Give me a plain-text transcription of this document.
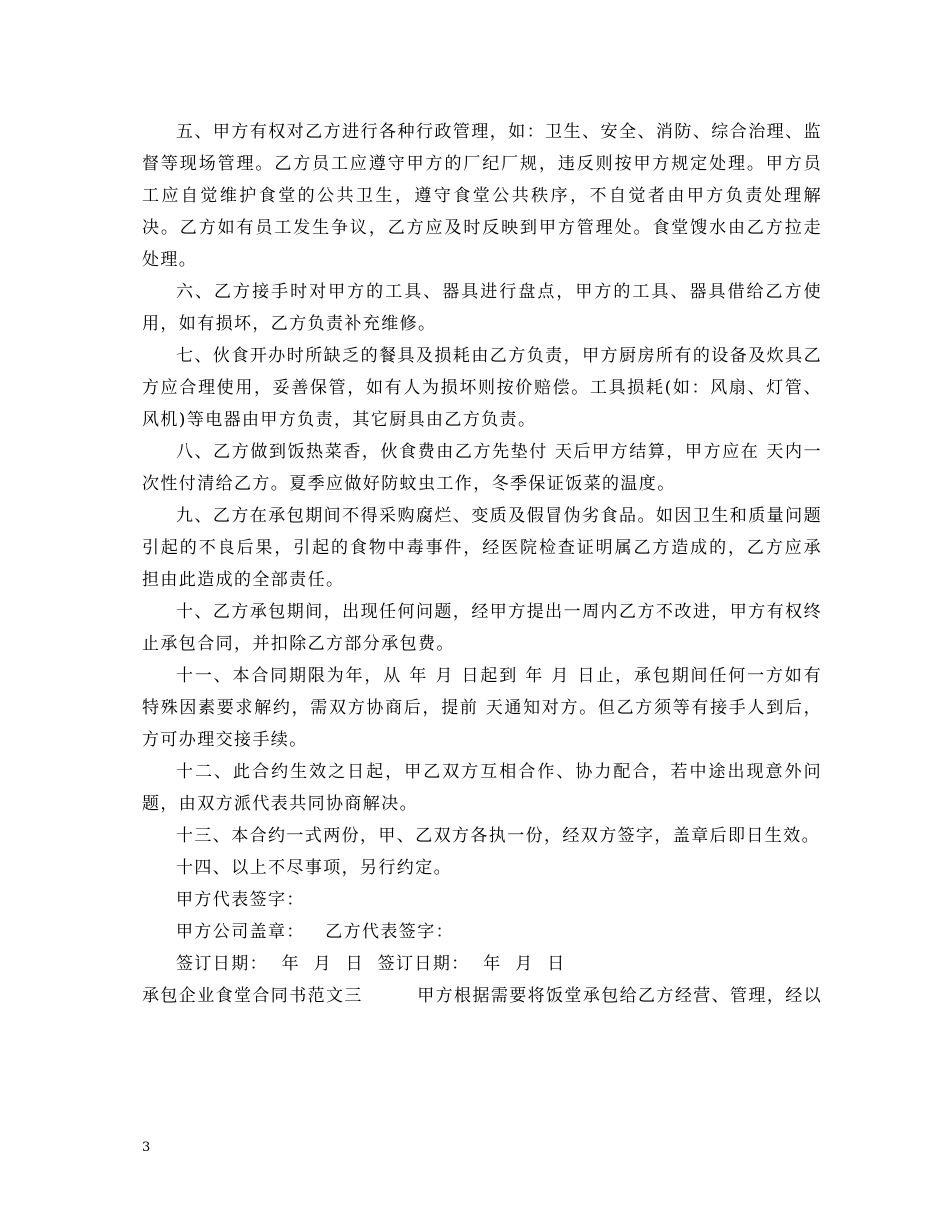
五、甲方有权对乙方进行各种行政管理，如：卫生、安全、消防、综合治理、监督等现场管理。乙方员工应遵守甲方的厂纪厂规，违反则按甲方规定处理。甲方员工应自觉维护食堂的公共卫生，遵守食堂公共秩序，不自觉者由甲方负责处理解决。乙方如有员工发生争议，乙方应及时反映到甲方管理处。食堂馊水由乙方拉走处理。

六、乙方接手时对甲方的工具、器具进行盘点，甲方的工具、器具借给乙方使用，如有损坏，乙方负责补充维修。

七、伙食开办时所缺乏的餐具及损耗由乙方负责，甲方厨房所有的设备及炊具乙方应合理使用，妥善保管，如有人为损坏则按价赔偿。工具损耗(如：风扇、灯管、风机)等电器由甲方负责，其它厨具由乙方负责。

八、乙方做到饭热菜香，伙食费由乙方先垫付 天后甲方结算，甲方应在 天内一次性付清给乙方。夏季应做好防蚊虫工作，冬季保证饭菜的温度。

九、乙方在承包期间不得采购腐烂、变质及假冒伪劣食品。如因卫生和质量问题引起的不良后果，引起的食物中毒事件，经医院检查证明属乙方造成的，乙方应承担由此造成的全部责任。

十、乙方承包期间，出现任何问题，经甲方提出一周内乙方不改进，甲方有权终止承包合同，并扣除乙方部分承包费。

十一、本合同期限为年，从 年 月 日起到 年 月 日止，承包期间任何一方如有特殊因素要求解约，需双方协商后，提前 天通知对方。但乙方须等有接手人到后，方可办理交接手续。

十二、此合约生效之日起，甲乙双方互相合作、协力配合，若中途出现意外问题，由双方派代表共同协商解决。

十三、本合约一式两份，甲、乙双方各执一份，经双方签字，盖章后即日生效。

十四、以上不尽事项，另行约定。

甲方代表签字：

甲方公司盖章：   乙方代表签字：

签订日期：  年  月  日  签订日期：  年  月  日

承包企业食堂合同书范文三        甲方根据需要将饭堂承包给乙方经营、管理，经以

3
